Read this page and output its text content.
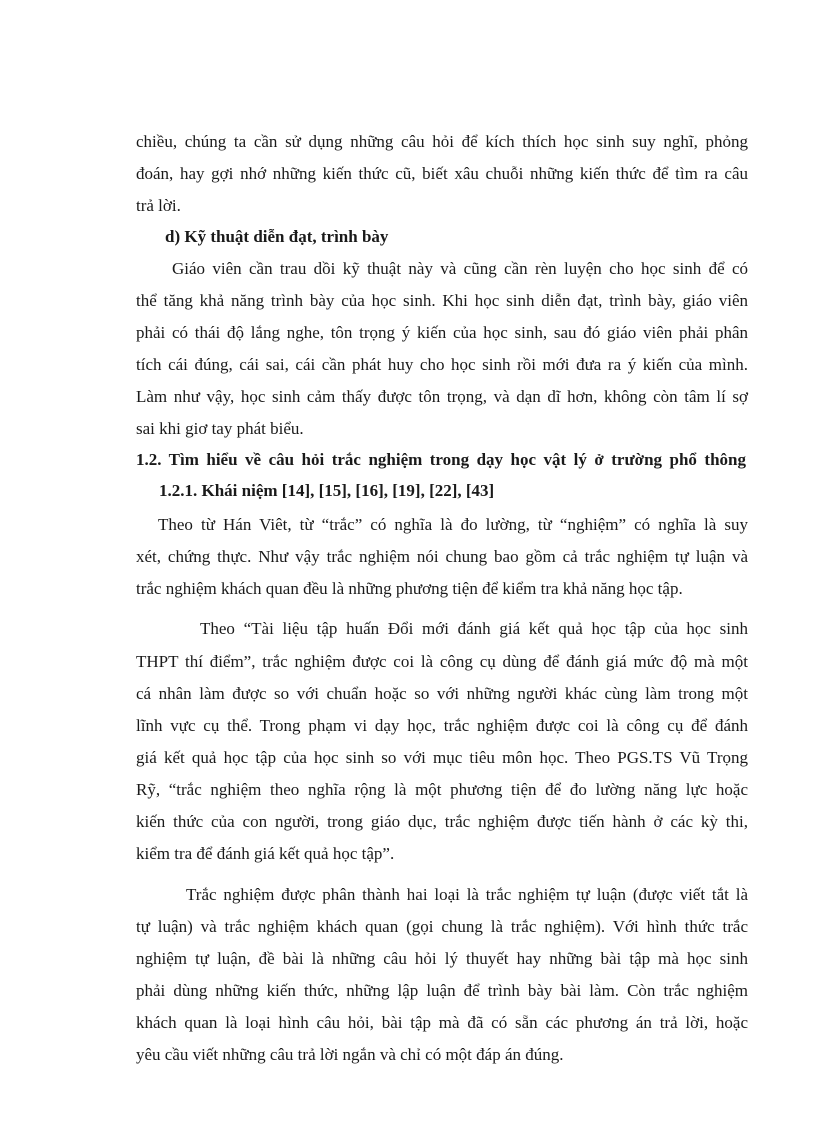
chiều, chúng ta cần sử dụng những câu hỏi để kích thích học sinh suy nghĩ, phỏng
đoán, hay gợi nhớ những kiến thức cũ, biết xâu chuỗi những kiến thức để tìm ra câu
trả lời.
d) Kỹ thuật diễn đạt, trình bày
Giáo viên cần trau dồi kỹ thuật này và cũng cần rèn luyện cho học sinh để có
thể tăng khả năng trình bày của học sinh. Khi học sinh diễn đạt, trình bày, giáo viên
phải có thái độ lắng nghe, tôn trọng ý kiến của học sinh, sau đó giáo viên phải phân
tích cái đúng, cái sai, cái cần phát huy cho học sinh rồi mới đưa ra ý kiến của mình.
Làm như vậy, học sinh cảm thấy được tôn trọng, và dạn dĩ hơn, không còn tâm lí sợ
sai khi giơ tay phát biểu.
1.2. Tìm hiểu về câu hỏi trắc nghiệm trong dạy học vật lý ở trường phổ thông
1.2.1. Khái niệm [14], [15], [16], [19], [22], [43]
Theo từ Hán Viêt, từ “trắc” có nghĩa là đo lường, từ “nghiệm” có nghĩa là suy
xét, chứng thực. Như vậy trắc nghiệm nói chung bao gồm cả trắc nghiệm tự luận và
trắc nghiệm khách quan đều là những phương tiện để kiểm tra khả năng học tập.
Theo “Tài liệu tập huấn Đổi mới đánh giá kết quả học tập của học sinh
THPT thí điểm”, trắc nghiệm được coi là công cụ dùng để đánh giá mức độ mà một
cá nhân làm được so với chuẩn hoặc so với những người khác cùng làm trong một
lĩnh vực cụ thể. Trong phạm vi dạy học, trắc nghiệm được coi là công cụ để đánh
giá kết quả học tập của học sinh so với mục tiêu môn học. Theo PGS.TS Vũ Trọng
Rỹ, “trắc nghiệm theo nghĩa rộng là một phương tiện để đo lường năng lực hoặc
kiến thức của con người, trong giáo dục, trắc nghiệm được tiến hành ở các kỳ thi,
kiểm tra để đánh giá kết quả học tập”.
Trắc nghiệm được phân thành hai loại là trắc nghiệm tự luận (được viết tắt là
tự luận) và trắc nghiệm khách quan (gọi chung là trắc nghiệm). Với hình thức trắc
nghiệm tự luận, đề bài là những câu hỏi lý thuyết hay những bài tập mà học sinh
phải dùng những kiến thức, những lập luận để trình bày bài làm. Còn trắc nghiệm
khách quan là loại hình câu hỏi, bài tập mà đã có sẵn các phương án trả lời, hoặc
yêu cầu viết những câu trả lời ngắn và chỉ có một đáp án đúng.
